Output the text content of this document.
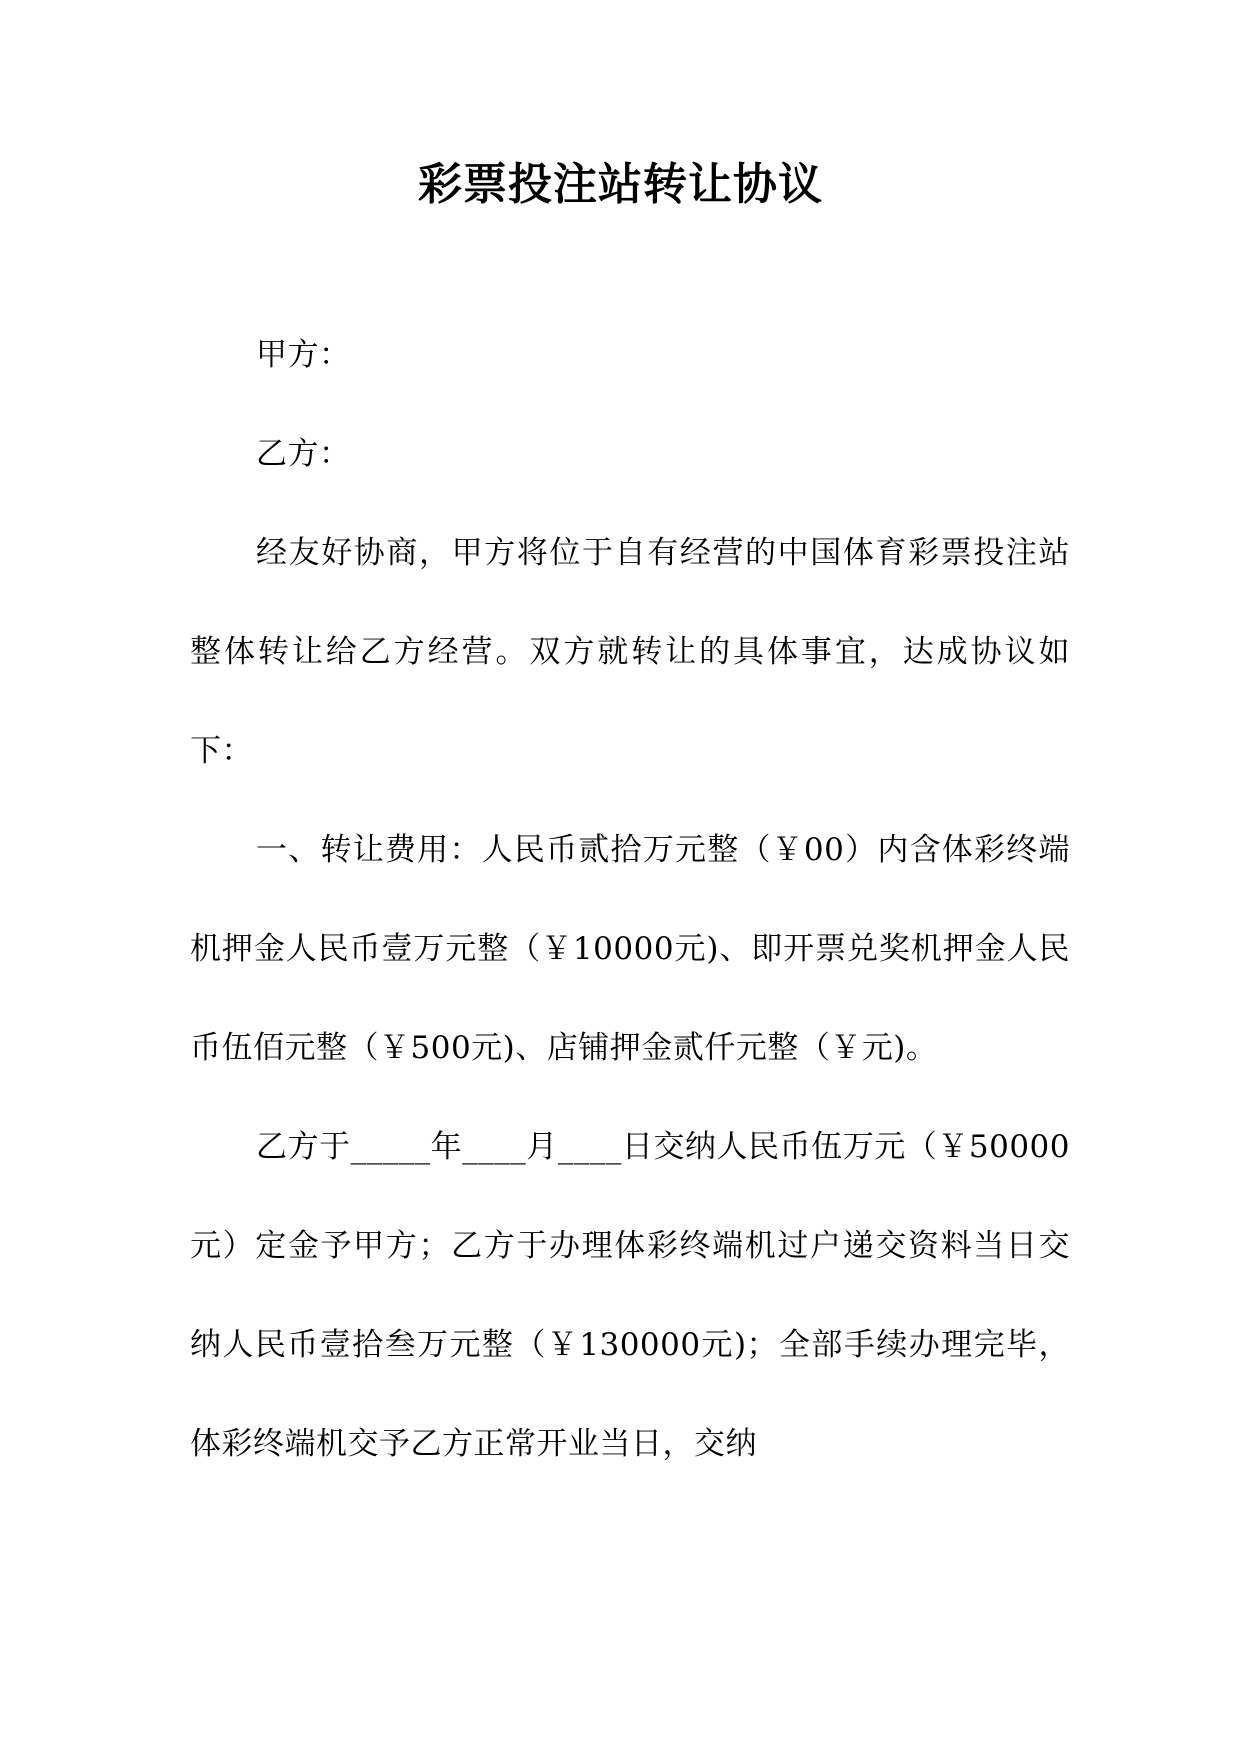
彩票投注站转让协议

甲方：

乙方：

经友好协商，甲方将位于自有经营的中国体育彩票投注站整体转让给乙方经营。双方就转让的具体事宜，达成协议如下：

一、转让费用：人民币贰拾万元整（￥00）内含体彩终端机押金人民币壹万元整（￥10000元)、即开票兑奖机押金人民币伍佰元整（￥500元)、店铺押金贰仟元整（￥元)。

乙方于_____年____月____日交纳人民币伍万元（￥50000元）定金予甲方；乙方于办理体彩终端机过户递交资料当日交纳人民币壹拾叁万元整（￥130000元)；全部手续办理完毕，体彩终端机交予乙方正常开业当日，交纳
